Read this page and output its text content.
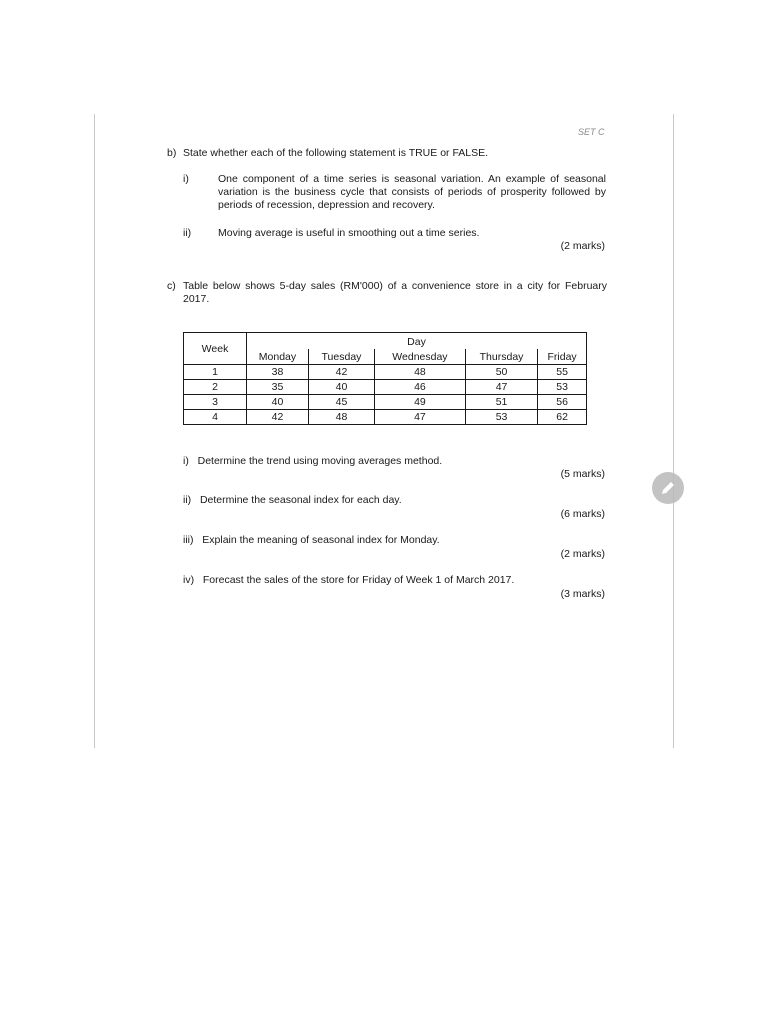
SET C
b) State whether each of the following statement is TRUE or FALSE.
i)	One component of a time series is seasonal variation. An example of seasonal variation is the business cycle that consists of periods of prosperity followed by periods of recession, depression and recovery.
ii)	Moving average is useful in smoothing out a time series.
(2 marks)
c) Table below shows 5-day sales (RM'000) of a convenience store in a city for February 2017.
Week	Day				
	Monday	Tuesday	Wednesday	Thursday	Friday
1	38	42	48	50	55
2	35	40	46	47	53
3	40	45	49	51	56
4	42	48	47	53	62
i) Determine the trend using moving averages method.
(5 marks)
ii) Determine the seasonal index for each day.
(6 marks)
iii) Explain the meaning of seasonal index for Monday.
(2 marks)
iv) Forecast the sales of the store for Friday of Week 1 of March 2017.
(3 marks)
